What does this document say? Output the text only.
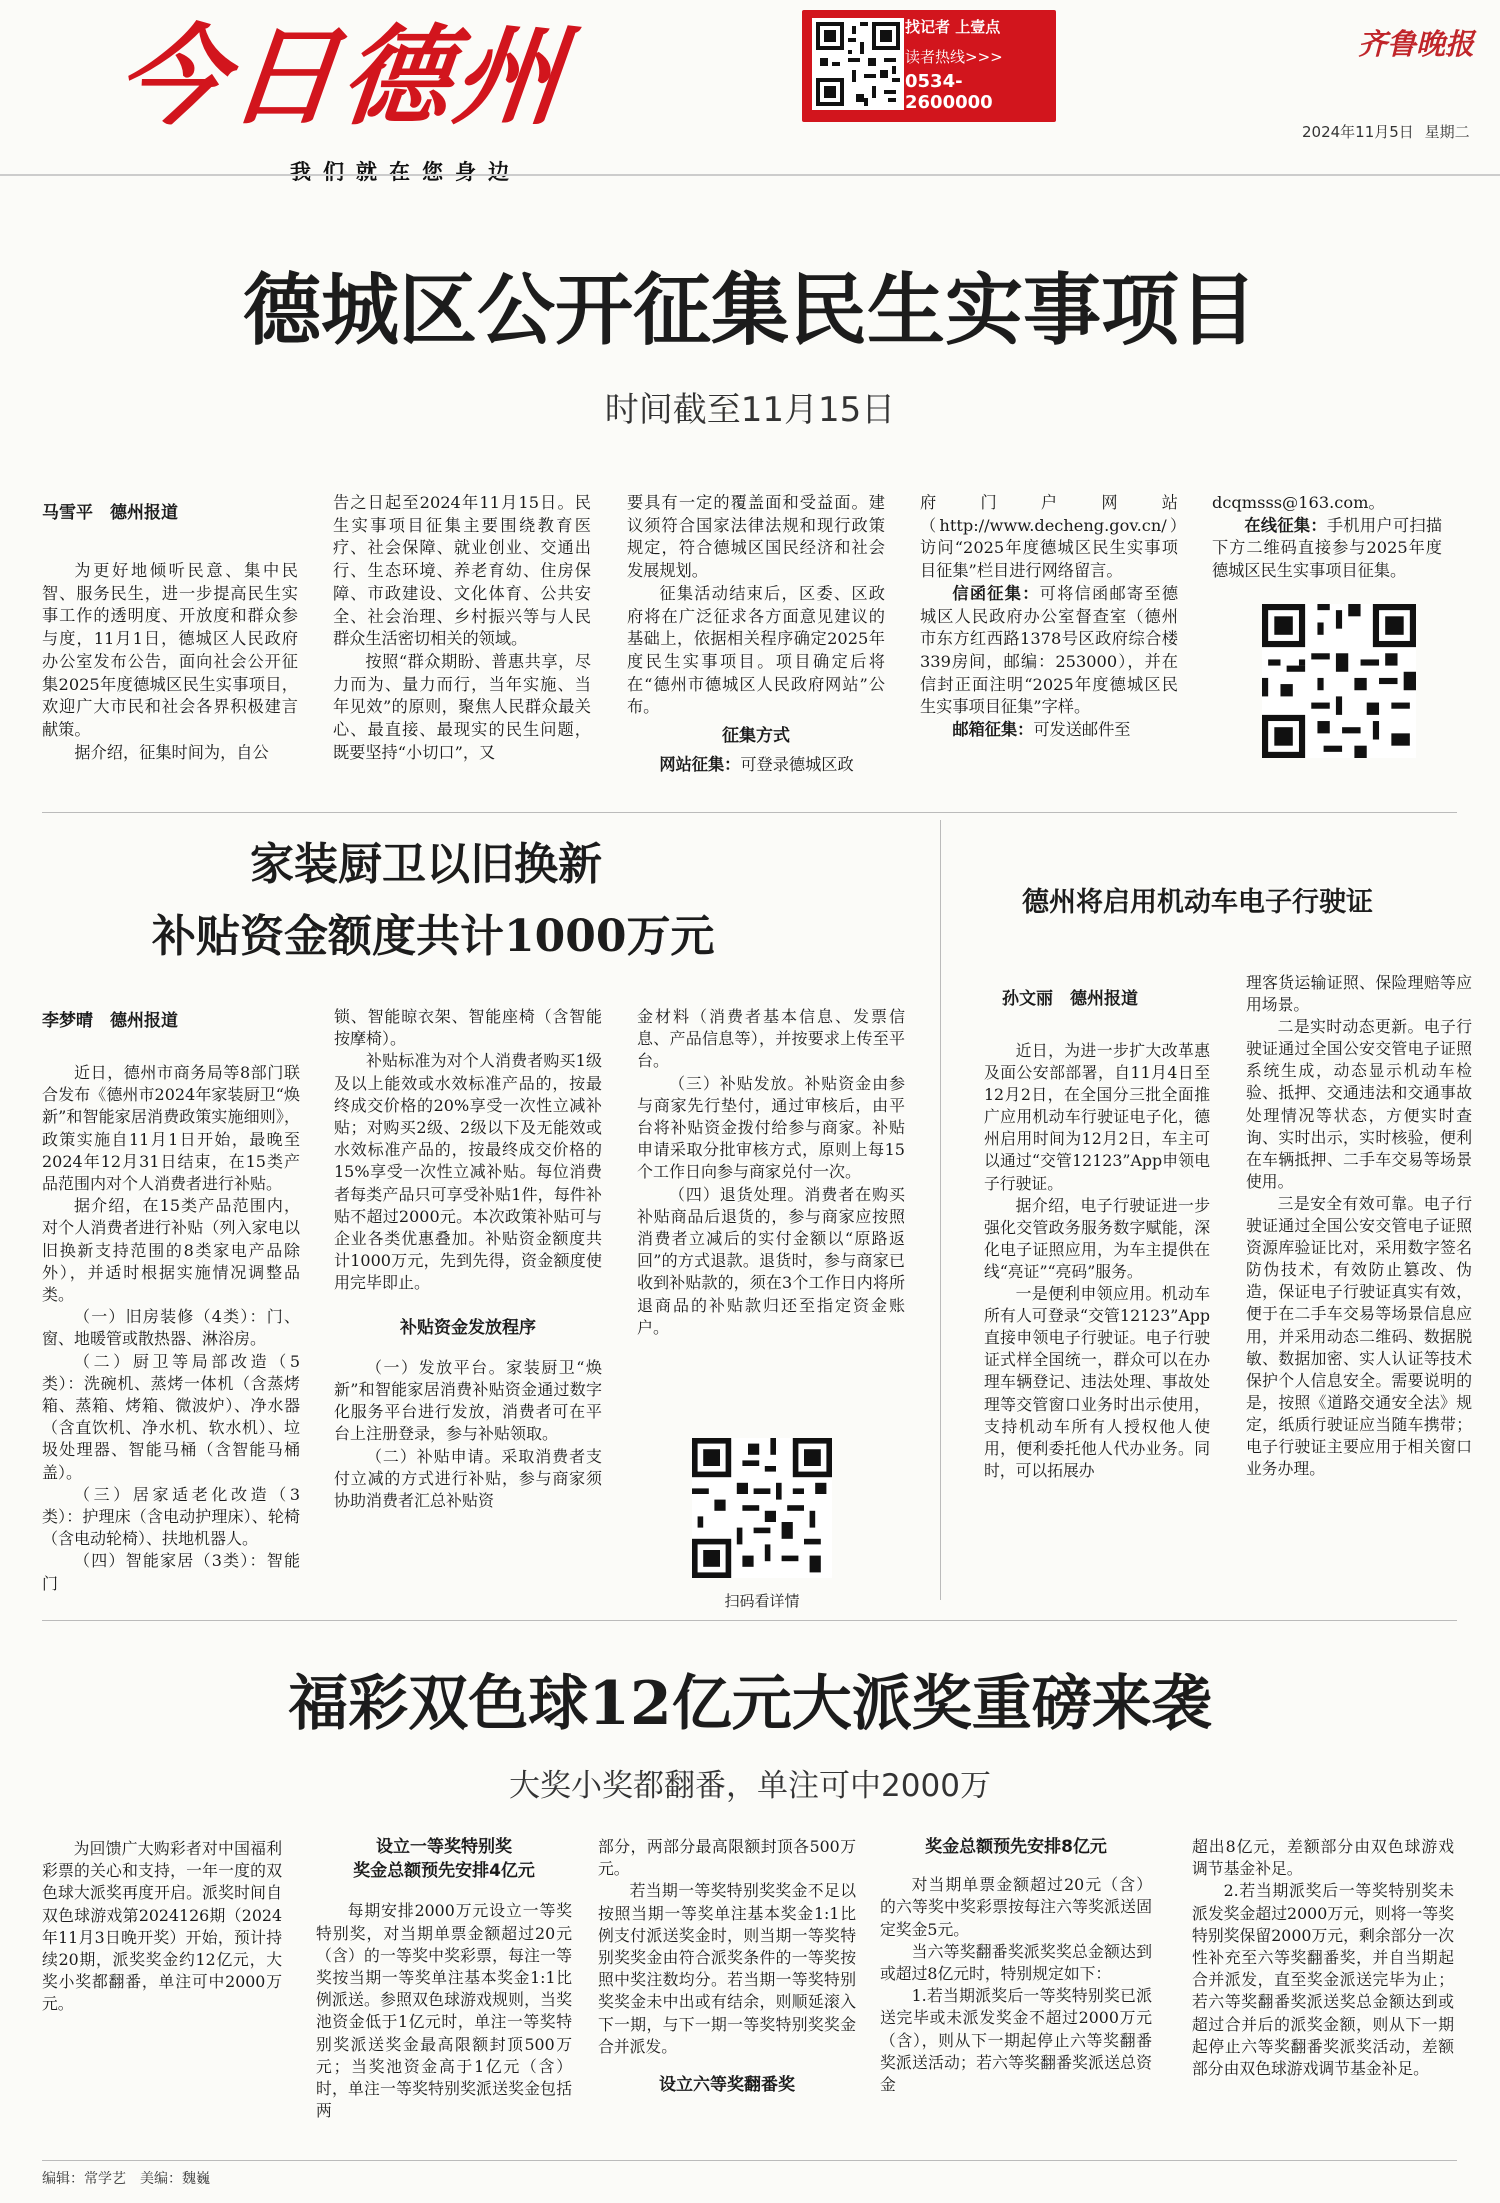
今日德州
我们就在您身边
找记者 上壹点
读者热线>>>
0534-2600000
齐鲁晚报
2024年11月5日 星期二
德城区公开征集民生实事项目
时间截至11月15日
马雪平　德州报道

为更好地倾听民意、集中民智、服务民生，进一步提高民生实事工作的透明度、开放度和群众参与度，11月1日，德城区人民政府办公室发布公告，面向社会公开征集2025年度德城区民生实事项目，欢迎广大市民和社会各界积极建言献策。

据介绍，征集时间为，自公

告之日起至2024年11月15日。民生实事项目征集主要围绕教育医疗、社会保障、就业创业、交通出行、生态环境、养老育幼、住房保障、市政建设、文化体育、公共安全、社会治理、乡村振兴等与人民群众生活密切相关的领域。

按照“群众期盼、普惠共享，尽力而为、量力而行，当年实施、当年见效”的原则，聚焦人民群众最关心、最直接、最现实的民生问题，既要坚持“小切口”，又

要具有一定的覆盖面和受益面。建议须符合国家法律法规和现行政策规定，符合德城区国民经济和社会发展规划。

征集活动结束后，区委、区政府将在广泛征求各方面意见建议的基础上，依据相关程序确定2025年度民生实事项目。项目确定后将在“德州市德城区人民政府网站”公布。

征集方式

网站征集：可登录德城区政

府门户网站（http://www.decheng.gov.cn/）访问“2025年度德城区民生实事项目征集”栏目进行网络留言。

信函征集：可将信函邮寄至德城区人民政府办公室督查室（德州市东方红西路1378号区政府综合楼339房间，邮编：253000），并在信封正面注明“2025年度德城区民生实事项目征集”字样。

邮箱征集：可发送邮件至

dcqmsss@163.com。

在线征集：手机用户可扫描下方二维码直接参与2025年度德城区民生实事项目征集。

家装厨卫以旧换新
补贴资金额度共计1000万元
李梦晴　德州报道

近日，德州市商务局等8部门联合发布《德州市2024年家装厨卫“焕新”和智能家居消费政策实施细则》，政策实施自11月1日开始，最晚至2024年12月31日结束，在15类产品范围内对个人消费者进行补贴。

据介绍，在15类产品范围内，对个人消费者进行补贴（列入家电以旧换新支持范围的8类家电产品除外），并适时根据实施情况调整品类。

（一）旧房装修（4类）：门、窗、地暖管或散热器、淋浴房。

（二）厨卫等局部改造（5类）：洗碗机、蒸烤一体机（含蒸烤箱、蒸箱、烤箱、微波炉）、净水器（含直饮机、净水机、软水机）、垃圾处理器、智能马桶（含智能马桶盖）。

（三）居家适老化改造（3类）：护理床（含电动护理床）、轮椅（含电动轮椅）、扶地机器人。

（四）智能家居（3类）：智能门

锁、智能晾衣架、智能座椅（含智能按摩椅）。

补贴标准为对个人消费者购买1级及以上能效或水效标准产品的，按最终成交价格的20%享受一次性立减补贴；对购买2级、2级以下及无能效或水效标准产品的，按最终成交价格的15%享受一次性立减补贴。每位消费者每类产品只可享受补贴1件，每件补贴不超过2000元。本次政策补贴可与企业各类优惠叠加。补贴资金额度共计1000万元，先到先得，资金额度使用完毕即止。

补贴资金发放程序

（一）发放平台。家装厨卫“焕新”和智能家居消费补贴资金通过数字化服务平台进行发放，消费者可在平台上注册登录，参与补贴领取。

（二）补贴申请。采取消费者支付立减的方式进行补贴，参与商家须协助消费者汇总补贴资

金材料（消费者基本信息、发票信息、产品信息等），并按要求上传至平台。

（三）补贴发放。补贴资金由参与商家先行垫付，通过审核后，由平台将补贴资金拨付给参与商家。补贴申请采取分批审核方式，原则上每15个工作日向参与商家兑付一次。

（四）退货处理。消费者在购买补贴商品后退货的，参与商家应按照消费者立减后的实付金额以“原路返回”的方式退款。退货时，参与商家已收到补贴款的，须在3个工作日内将所退商品的补贴款归还至指定资金账户。

扫码看详情
德州将启用机动车电子行驶证
孙文丽　德州报道

近日，为进一步扩大改革惠及面公安部部署，自11月4日至12月2日，在全国分三批全面推广应用机动车行驶证电子化，德州启用时间为12月2日，车主可以通过“交管12123”App申领电子行驶证。

据介绍，电子行驶证进一步强化交管政务服务数字赋能，深化电子证照应用，为车主提供在线“亮证”“亮码”服务。

一是便利申领应用。机动车所有人可登录“交管12123”App直接申领电子行驶证。电子行驶证式样全国统一，群众可以在办理车辆登记、违法处理、事故处理等交管窗口业务时出示使用，支持机动车所有人授权他人使用，便利委托他人代办业务。同时，可以拓展办

理客货运输证照、保险理赔等应用场景。

二是实时动态更新。电子行驶证通过全国公安交管电子证照系统生成，动态显示机动车检验、抵押、交通违法和交通事故处理情况等状态，方便实时查询、实时出示，实时核验，便利在车辆抵押、二手车交易等场景使用。

三是安全有效可靠。电子行驶证通过全国公安交管电子证照资源库验证比对，采用数字签名防伪技术，有效防止篡改、伪造，保证电子行驶证真实有效，便于在二手车交易等场景信息应用，并采用动态二维码、数据脱敏、数据加密、实人认证等技术保护个人信息安全。需要说明的是，按照《道路交通安全法》规定，纸质行驶证应当随车携带；电子行驶证主要应用于相关窗口业务办理。

福彩双色球12亿元大派奖重磅来袭
大奖小奖都翻番，单注可中2000万

为回馈广大购彩者对中国福利彩票的关心和支持，一年一度的双色球大派奖再度开启。派奖时间自双色球游戏第2024126期（2024年11月3日晚开奖）开始，预计持续20期，派奖奖金约12亿元，大奖小奖都翻番，单注可中2000万元。

设立一等奖特别奖
奖金总额预先安排4亿元

每期安排2000万元设立一等奖特别奖，对当期单票金额超过20元（含）的一等奖中奖彩票，每注一等奖按当期一等奖单注基本奖金1:1比例派送。参照双色球游戏规则，当奖池资金低于1亿元时，单注一等奖特别奖派送奖金最高限额封顶500万元；当奖池资金高于1亿元（含）时，单注一等奖特别奖派送奖金包括两

部分，两部分最高限额封顶各500万元。

若当期一等奖特别奖奖金不足以按照当期一等奖单注基本奖金1:1比例支付派送奖金时，则当期一等奖特别奖奖金由符合派奖条件的一等奖按照中奖注数均分。若当期一等奖特别奖奖金未中出或有结余，则顺延滚入下一期，与下一期一等奖特别奖奖金合并派发。

设立六等奖翻番奖
奖金总额预先安排8亿元

对当期单票金额超过20元（含）的六等奖中奖彩票按每注六等奖派送固定奖金5元。

当六等奖翻番奖派奖奖总金额达到或超过8亿元时，特别规定如下：

1.若当期派奖后一等奖特别奖已派送完毕或未派发奖金不超过2000万元（含），则从下一期起停止六等奖翻番奖派送活动；若六等奖翻番奖派送总资金

超出8亿元，差额部分由双色球游戏调节基金补足。

2.若当期派奖后一等奖特别奖未派发奖金超过2000万元，则将一等奖特别奖保留2000万元，剩余部分一次性补充至六等奖翻番奖，并自当期起合并派发，直至奖金派送完毕为止；若六等奖翻番奖派送奖总金额达到或超过合并后的派奖金额，则从下一期起停止六等奖翻番奖派奖活动，差额部分由双色球游戏调节基金补足。

编辑：常学艺　美编：魏巍
